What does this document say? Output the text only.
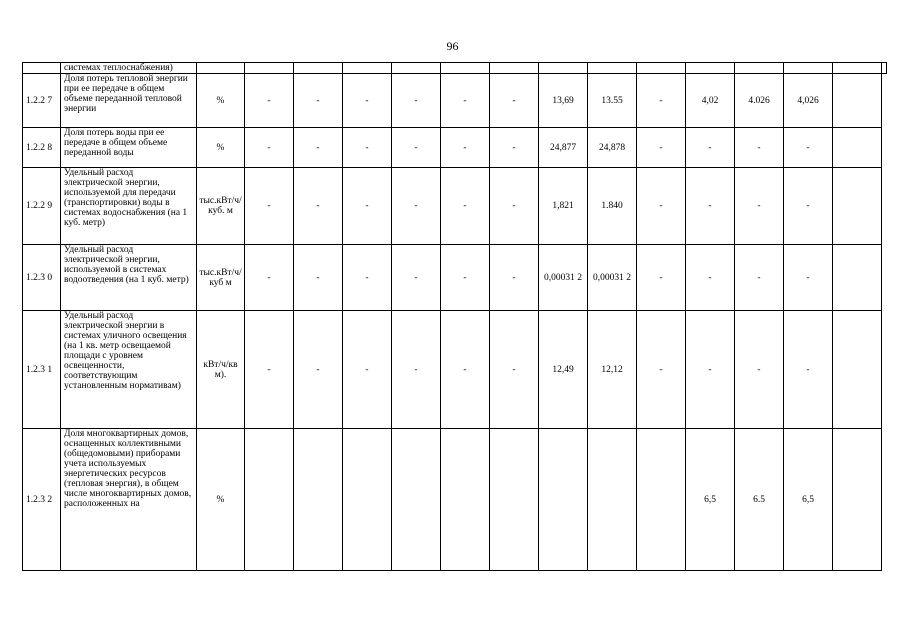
96
	системах теплоснабжения)															
1.2.2 7	Доля потерь тепловой энергии при ее передаче в общем объеме переданной тепловой энергии	%	-	-	-	-	-	-	13,69	13.55	-	4,02	4.026	4,026		
1.2.2 8	Доля потерь воды при ее передаче в общем объеме переданной воды	%	-	-	-	-	-	-	24,877	24,878	-	-	-	-		
1.2.2 9	Удельный расход электрической энергии, используемой для передачи (транспортировки) воды в системах водоснабжения (на 1 куб. метр)	тыс.кВт/ч/куб. м	-	-	-	-	-	-	1,821	1.840	-	-	-	-		
1.2.3 0	Удельный расход электрической энергии, используемой в системах водоотведения (на 1 куб. метр)	тыс.кВт/ч/куб м	-	-	-	-	-	-	0,00031 2	0,00031 2	-	-	-	-		
1.2.3 1	Удельный расход электрической энергии в системах уличного освещения (на 1 кв. метр освещаемой площади с уровнем освещенности, соответствующим установленным нормативам)	кВт/ч/кв м).	-	-	-	-	-	-	12,49	12,12	-	-	-	-		
1.2.3 2	Доля многоквартирных домов, оснащенных коллективными (общедомовыми) приборами учета используемых энергетических ресурсов (тепловая энергия), в общем числе многоквартирных домов, расположенных на	%										6,5	6.5	6,5		
